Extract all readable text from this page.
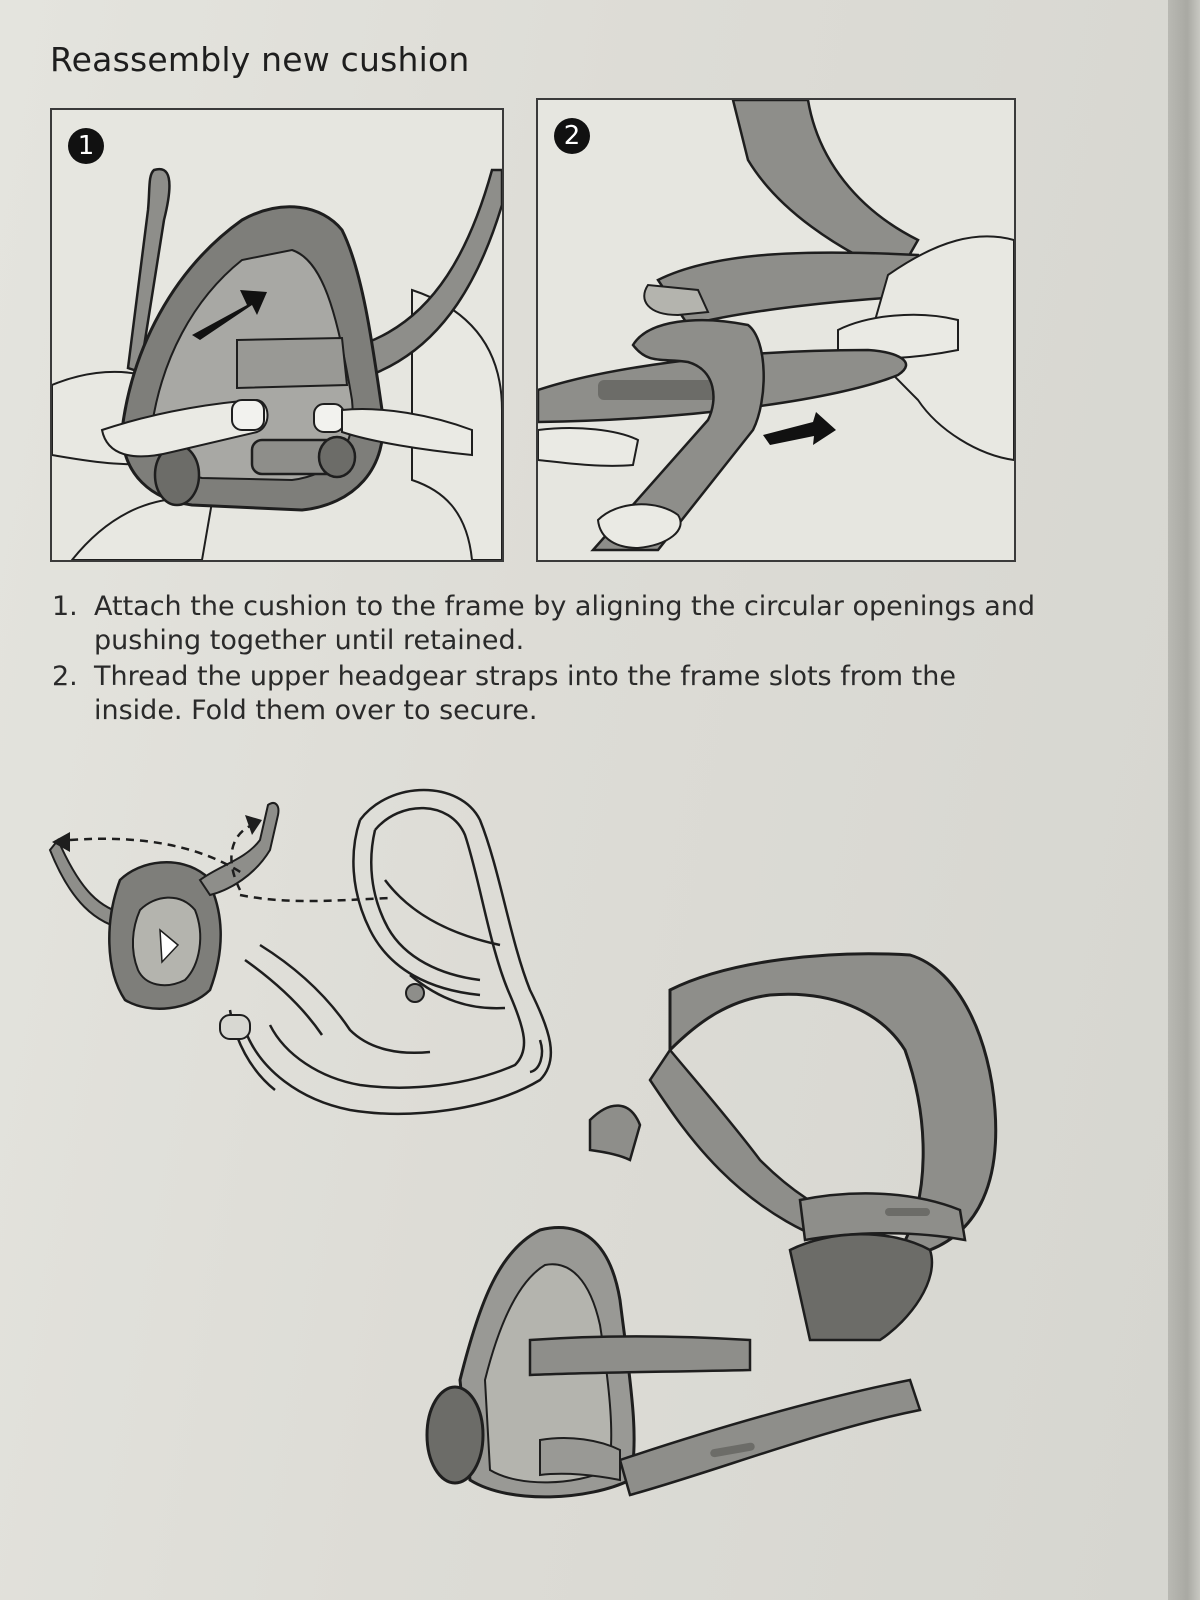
Reassembly new cushion
1	2
1. Attach the cushion to the frame by aligning the circular openings and pushing together until retained.
2. Thread the upper headgear straps into the frame slots from the inside. Fold them over to secure.
